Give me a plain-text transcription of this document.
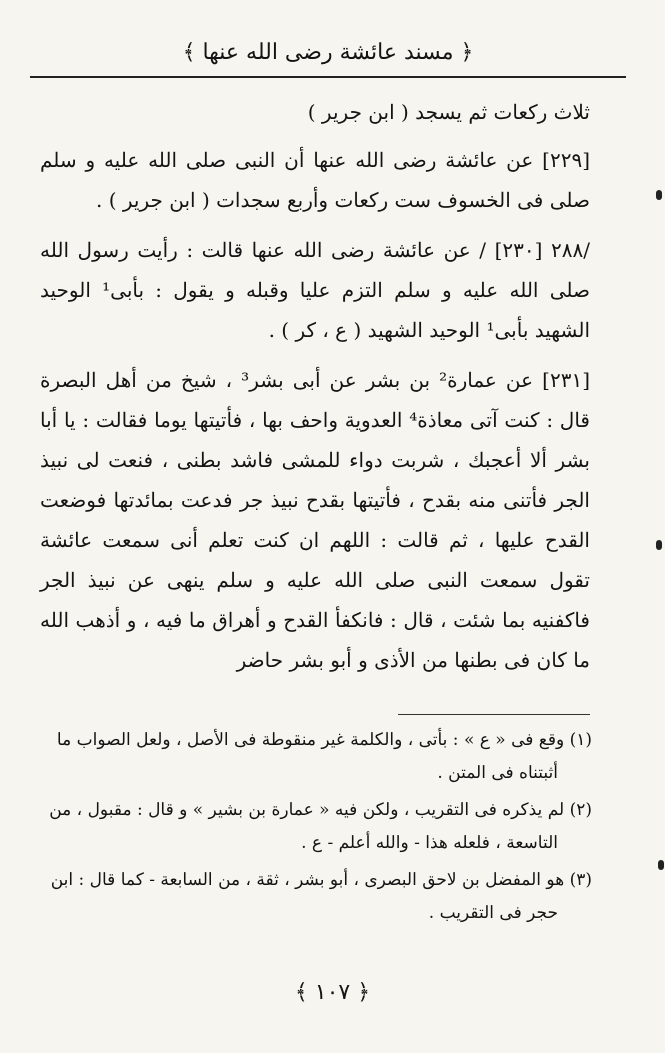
﴿ مسند عائشة رضى الله عنها ﴾

ثلاث ركعات ثم يسجد ( ابن جرير )

[٢٢٩] عن عائشة رضى الله عنها أن النبى صلى الله عليه و سلم صلى فى الخسوف ست ركعات وأربع سجدات ( ابن جرير ) .

/٢٨٨ [٢٣٠] / عن عائشة رضى الله عنها قالت : رأيت رسول الله صلى الله عليه و سلم التزم عليا وقبله و يقول : بأبى¹ الوحيد الشهيد بأبى¹ الوحيد الشهيد ( ع ، كر ) .

[٢٣١] عن عمارة² بن بشر عن أبى بشر³ ، شيخ من أهل البصرة قال : كنت آتى معاذة⁴ العدوية واحف بها ، فأتيتها يوما فقالت : يا أبا بشر ألا أعجبك ، شربت دواء للمشى فاشد بطنى ، فنعت لى نبيذ الجر فأتنى منه بقدح ، فأتيتها بقدح نبيذ جر فدعت بمائدتها فوضعت القدح عليها ، ثم قالت : اللهم ان كنت تعلم أنى سمعت عائشة تقول سمعت النبى صلى الله عليه و سلم ينهى عن نبيذ الجر فاكفنيه بما شئت ، قال : فانكفأ القدح و أهراق ما فيه ، و أذهب الله ما كان فى بطنها من الأذى و أبو بشر حاضر

(١) وقع فى « ع » : بأتى ، والكلمة غير منقوطة فى الأصل ، ولعل الصواب ما
أثبتناه فى المتن .

(٢) لم يذكره فى التقريب ، ولكن فيه « عمارة بن بشير » و قال : مقبول ، من
التاسعة ، فلعله هذا - والله أعلم - ع .

(٣) هو المفضل بن لاحق البصرى ، أبو بشر ، ثقة ، من السابعة - كما قال : ابن
حجر فى التقريب .

﴿ ١٠٧ ﴾
